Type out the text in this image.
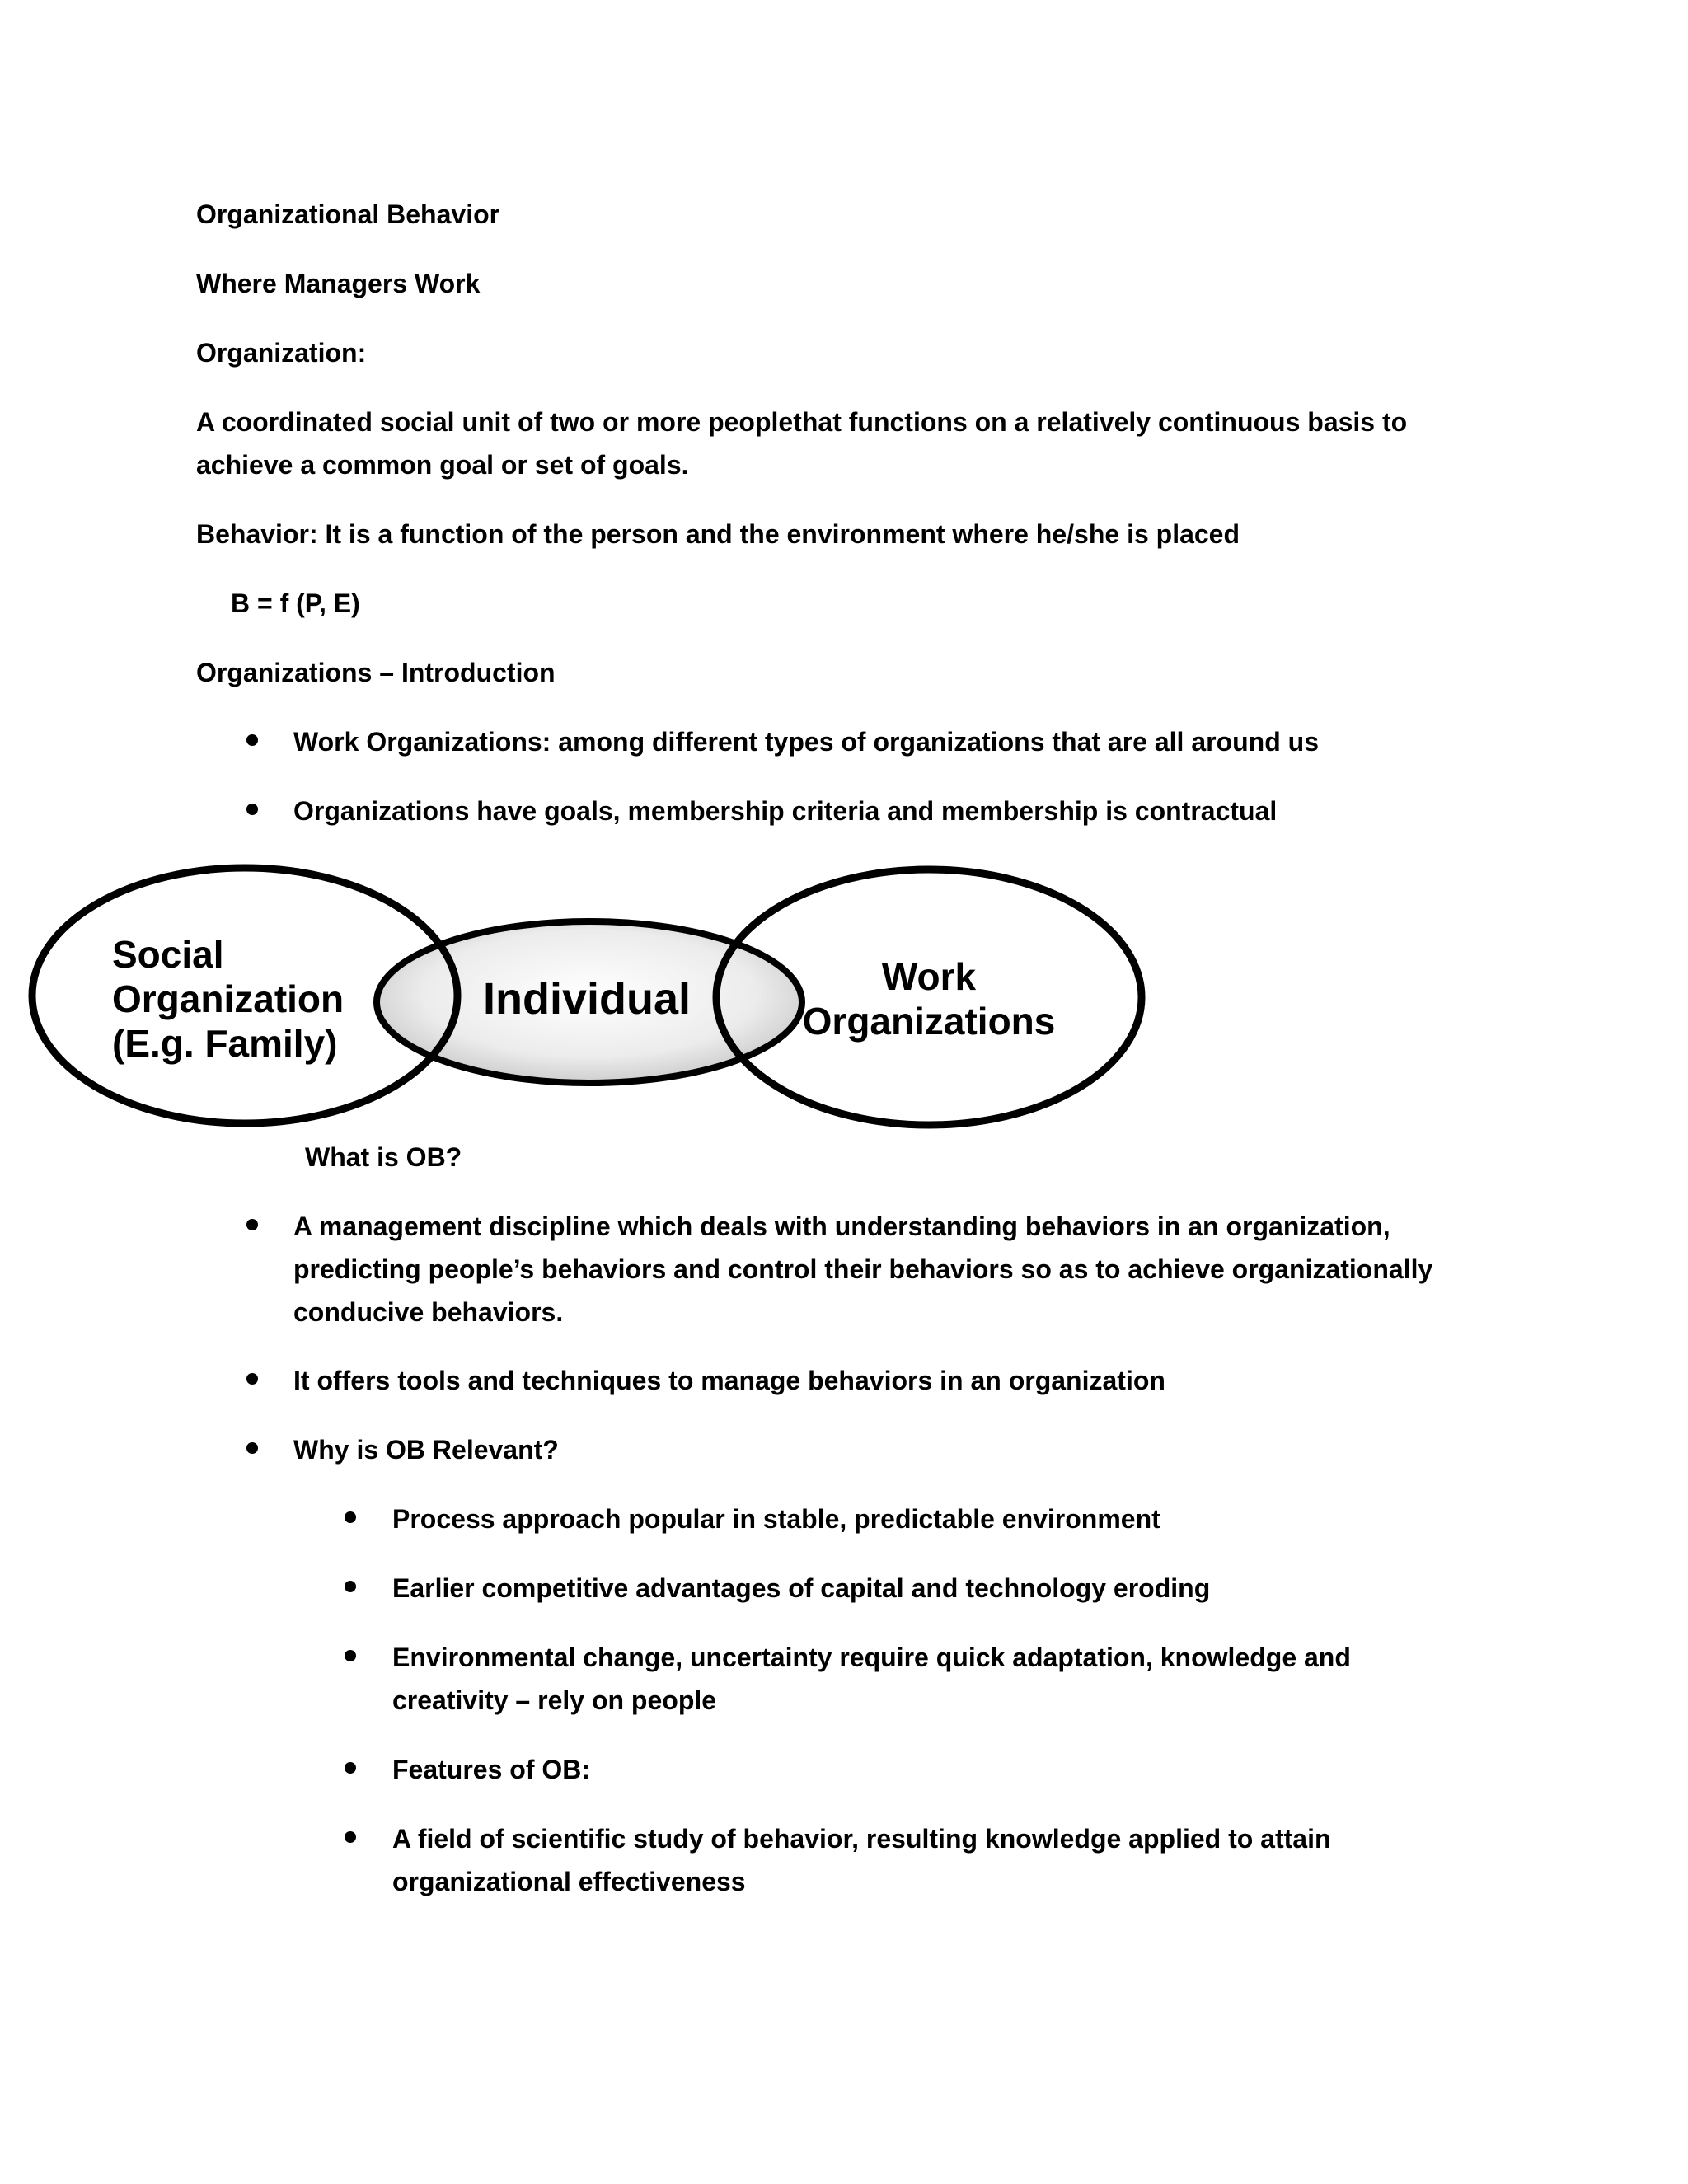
Organizational Behavior

Where Managers Work

Organization:

A coordinated social unit of two or more peoplethat functions on a relatively continuous basis to achieve a common goal or set of goals.

Behavior: It is a function of the person and the environment where he/she is placed

B = f (P, E)

Organizations – Introduction

Work Organizations: among different types of organizations that are all around us

Organizations have goals, membership criteria and membership is contractual

Social
Organization
(E.g. Family)
Individual	Work
Organizations

What is OB?

A management discipline which deals with understanding behaviors in an organization, predicting people’s behaviors and control their behaviors so as to achieve organizationally conducive behaviors.

It offers tools and techniques to manage behaviors in an organization

Why is OB Relevant?

Process approach popular in stable, predictable environment

Earlier competitive advantages of capital and technology eroding

Environmental change, uncertainty require quick adaptation, knowledge and creativity – rely on people

Features of OB:

A field of scientific study of behavior, resulting knowledge applied to attain organizational effectiveness
